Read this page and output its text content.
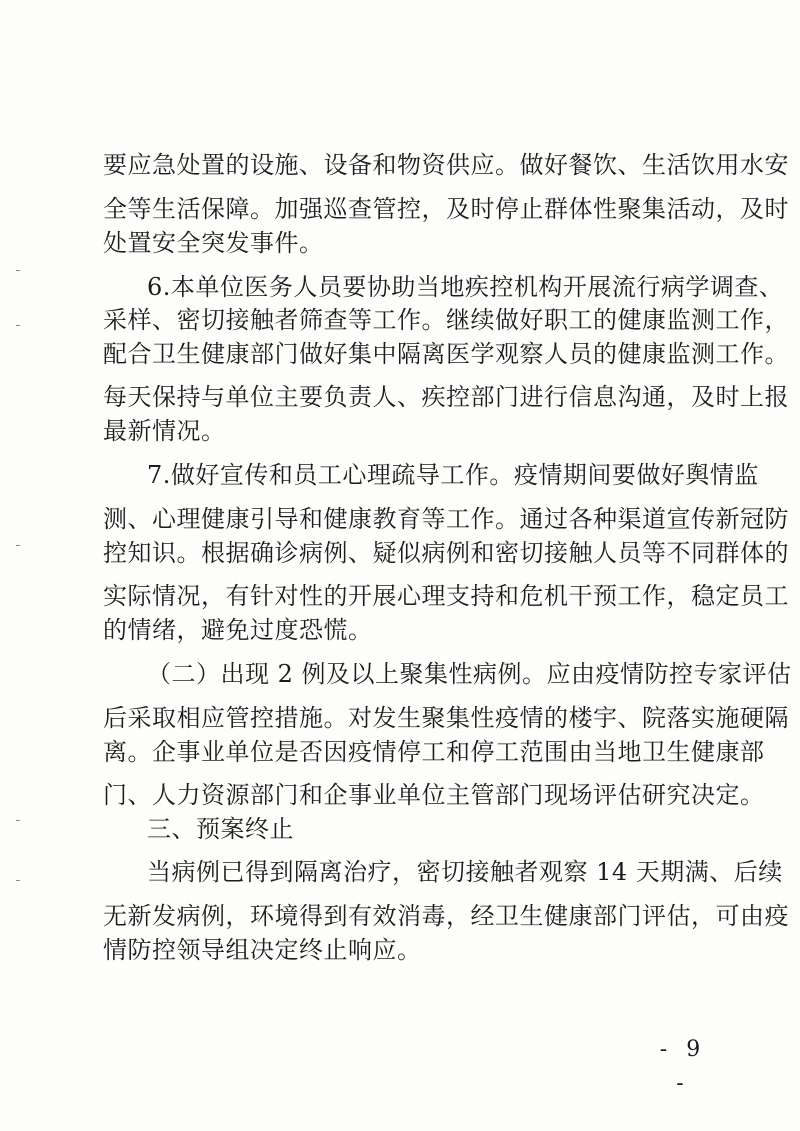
要应急处置的设施、设备和物资供应。做好餐饮、生活饮用水安
全等生活保障。加强巡查管控，及时停止群体性聚集活动，及时
处置安全突发事件。
6.本单位医务人员要协助当地疾控机构开展流行病学调查、
采样、密切接触者筛查等工作。继续做好职工的健康监测工作，
配合卫生健康部门做好集中隔离医学观察人员的健康监测工作。
每天保持与单位主要负责人、疾控部门进行信息沟通，及时上报
最新情况。
7.做好宣传和员工心理疏导工作。疫情期间要做好舆情监
测、心理健康引导和健康教育等工作。通过各种渠道宣传新冠防
控知识。根据确诊病例、疑似病例和密切接触人员等不同群体的
实际情况，有针对性的开展心理支持和危机干预工作，稳定员工
的情绪，避免过度恐慌。
（二）出现 2 例及以上聚集性病例。应由疫情防控专家评估
后采取相应管控措施。对发生聚集性疫情的楼宇、院落实施硬隔
离。企事业单位是否因疫情停工和停工范围由当地卫生健康部
门、人力资源部门和企事业单位主管部门现场评估研究决定。
三、预案终止
当病例已得到隔离治疗，密切接触者观察 14 天期满、后续
无新发病例，环境得到有效消毒，经卫生健康部门评估，可由疫
情防控领导组决定终止响应。
- 9 -
